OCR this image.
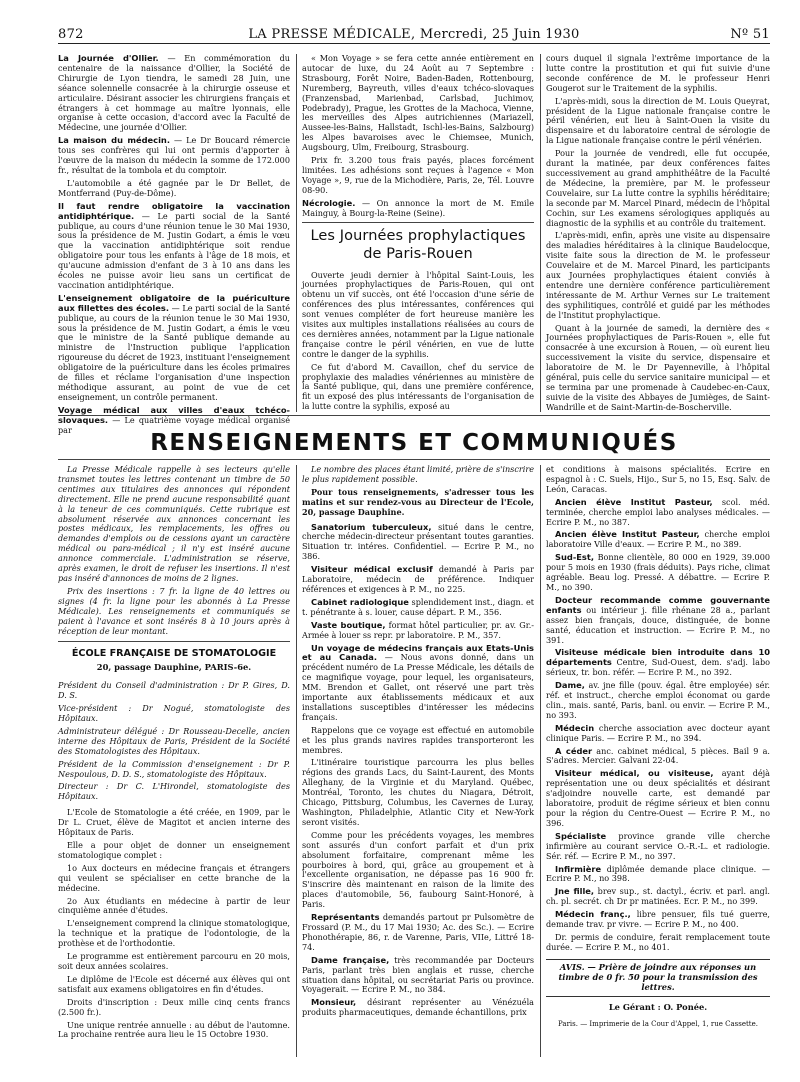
872	LA PRESSE MÉDICALE, Mercredi, 25 Juin 1930	Nº 51

La Journée d'Ollier. — En commémoration du centenaire de la naissance d'Ollier, la Société de Chirurgie de Lyon tiendra, le samedi 28 Juin, une séance solennelle consacrée à la chirurgie osseuse et articulaire. Désirant associer les chirurgiens français et étrangers à cet hommage au maître lyonnais, elle organise à cette occasion, d'accord avec la Faculté de Médecine, une journée d'Ollier.

La maison du médecin. — Le Dr Boucard rémercie tous ses confrères qui lui ont permis d'apporter à l'œuvre de la maison du médecin la somme de 172.000 fr., résultat de la tombola et du comptoir.

L'automobile a été gagnée par le Dr Bellet, de Montferrand (Puy-de-Dôme).

Il faut rendre obligatoire la vaccination antidiphtérique. — Le parti social de la Santé publique, au cours d'une réunion tenue le 30 Mai 1930, sous la présidence de M. Justin Godart, a émis le vœu que la vaccination antidiphtérique soit rendue obligatoire pour tous les enfants à l'âge de 18 mois, et qu'aucune admission d'enfant de 3 à 10 ans dans les écoles ne puisse avoir lieu sans un certificat de vaccination antidiphtérique.

L'enseignement obligatoire de la puériculture aux fillettes des écoles. — Le parti social de la Santé publique, au cours de la réunion tenue le 30 Mai 1930, sous la présidence de M. Justin Godart, a émis le vœu que le ministre de la Santé publique demande au ministre de l'Instruction publique l'application rigoureuse du décret de 1923, instituant l'enseignement obligatoire de la puériculture dans les écoles primaires de filles et réclame l'organisation d'une inspection méthodique assurant, au point de vue de cet enseignement, un contrôle permanent.

Voyage médical aux villes d'eaux tchéco-slovaques. — Le quatrième voyage médical organisé par

« Mon Voyage » se fera cette année entièrement en autocar de luxe, du 24 Août au 7 Septembre : Strasbourg, Forêt Noire, Baden-Baden, Rottenbourg, Nuremberg, Bayreuth, villes d'eaux tchéco-slovaques (Franzensbad, Marienbad, Carlsbad, Juchimov, Podebrady), Prague, les Grottes de la Machoca, Vienne, les merveilles des Alpes autrichiennes (Mariazell, Aussee-les-Bains, Hallstadt, Ischl-les-Bains, Salzbourg) les Alpes bavaroises avec le Chiemsee, Munich, Augsbourg, Ulm, Freibourg, Strasbourg.

Prix fr. 3.200 tous frais payés, places forcément limitées. Les adhésions sont reçues à l'agence « Mon Voyage », 9, rue de la Michodière, Paris, 2e, Tél. Louvre 08-90.

Nécrologie. — On annonce la mort de M. Emile Mainguy, à Bourg-la-Reine (Seine).

Les Journées prophylactiques de Paris-Rouen

Ouverte jeudi dernier à l'hôpital Saint-Louis, les journées prophylactiques de Paris-Rouen, qui ont obtenu un vif succès, ont été l'occasion d'une série de conférences des plus intéressantes, conférences qui sont venues compléter de fort heureuse manière les visites aux multiples installations réalisées au cours de ces dernières années, notamment par la Ligue nationale française contre le péril vénérien, en vue de lutte contre le danger de la syphilis.

Ce fut d'abord M. Cavaillon, chef du service de prophylaxie des maladies vénériennes au ministère de la Santé publique, qui, dans une première conférence, fit un exposé des plus intéressants de l'organisation de la lutte contre la syphilis, exposé au

cours duquel il signala l'extrême importance de la lutte contre la prostitution et qui fut suivie d'une seconde conférence de M. le professeur Henri Gougerot sur le Traitement de la syphilis.

L'après-midi, sous la direction de M. Louis Queyrat, président de la Ligue nationale française contre le péril vénérien, eut lieu à Saint-Ouen la visite du dispensaire et du laboratoire central de sérologie de la Ligue nationale française contre le péril vénérien.

Pour la journée de vendredi, elle fut occupée, durant la matinée, par deux conférences faites successivement au grand amphithéâtre de la Faculté de Médecine, la première, par M. le professeur Couvelaire, sur La lutte contre la syphilis héréditaire; la seconde par M. Marcel Pinard, médecin de l'hôpital Cochin, sur Les examens sérologiques appliqués au diagnostic de la syphilis et au contrôle du traitement.

L'après-midi, enfin, après une visite au dispensaire des maladies héréditaires à la clinique Baudelocque, visite faite sous la direction de M. le professeur Couvelaire et de M. Marcel Pinard, les participants aux Journées prophylactiques étaient conviés à entendre une dernière conférence particulièrement intéressante de M. Arthur Vernes sur Le traitement des syphilitiques, contrôlé et guidé par les méthodes de l'Institut prophylactique.

Quant à la journée de samedi, la dernière des « Journées prophylactiques de Paris-Rouen », elle fut consacrée à une excursion à Rouen, — où eurent lieu successivement la visite du service, dispensaire et laboratoire de M. le Dr Payenneville, à l'hôpital général, puis celle du service sanitaire municipal — et se termina par une promenade à Caudebec-en-Caux, suivie de la visite des Abbayes de Jumièges, de Saint-Wandrille et de Saint-Martin-de-Boscherville.

RENSEIGNEMENTS ET COMMUNIQUÉS

La Presse Médicale rappelle à ses lecteurs qu'elle transmet toutes les lettres contenant un timbre de 50 centimes aux titulaires des annonces qui répondent directement. Elle ne prend aucune responsabilité quant à la teneur de ces communiqués. Cette rubrique est absolument réservée aux annonces concernant les postes médicaux, les remplacements, les offres ou demandes d'emplois ou de cessions ayant un caractère médical ou para-médical ; il n'y est inséré aucune annonce commerciale. L'administration se réserve, après examen, le droit de refuser les insertions. Il n'est pas inséré d'annonces de moins de 2 lignes.

Prix des insertions : 7 fr. la ligne de 40 lettres ou signes (4 fr. la ligne pour les abonnés à La Presse Médicale). Les renseignements et communiqués se paient à l'avance et sont insérés 8 à 10 jours après à réception de leur montant.

ÉCOLE FRANÇAISE DE STOMATOLOGIE
20, passage Dauphine, PARIS-6e.

Président du Conseil d'administration : Dr P. Gires, D. D. S.

Vice-président : Dr Nogué, stomatologiste des Hôpitaux.

Administrateur délégué : Dr Rousseau-Decelle, ancien interne des Hôpitaux de Paris, Président de la Société des Stomatologistes des Hôpitaux.

Président de la Commission d'enseignement : Dr P. Nespoulous, D. D. S., stomatologiste des Hôpitaux.

Directeur : Dr C. L'Hirondel, stomatologiste des Hôpitaux.

L'Ecole de Stomatologie a été créée, en 1909, par le Dr L. Cruet, élève de Magitot et ancien interne des Hôpitaux de Paris.

Elle a pour objet de donner un enseignement stomatologique complet :

1o Aux docteurs en médecine français et étrangers qui veulent se spécialiser en cette branche de la médecine.

2o Aux étudiants en médecine à partir de leur cinquième année d'études.

L'enseignement comprend la clinique stomatologique, la technique et la pratique de l'odontologie, de la prothèse et de l'orthodontie.

Le programme est entièrement parcouru en 20 mois, soit deux années scolaires.

Le diplôme de l'Ecole est décerné aux élèves qui ont satisfait aux examens obligatoires en fin d'études.

Droits d'inscription : Deux mille cinq cents francs (2.500 fr.).

Une unique rentrée annuelle : au début de l'automne. La prochaine rentrée aura lieu le 15 Octobre 1930.

Le nombre des places étant limité, prière de s'inscrire le plus rapidement possible.

Pour tous renseignements, s'adresser tous les matins et sur rendez-vous au Directeur de l'Ecole, 20, passage Dauphine.

Sanatorium tuberculeux, situé dans le centre, cherche médecin-directeur présentant toutes garanties. Situation tr. intéres. Confidentiel. — Ecrire P. M., no 386.

Visiteur médical exclusif demandé à Paris par Laboratoire, médecin de préférence. Indiquer références et exigences à P. M., no 225.

Cabinet radiologique splendidement inst., diagn. et t. pénétrante à s. louer, cause départ. P. M., 356.

Vaste boutique, format hôtel particulier, pr. av. Gr.-Armée à louer ss repr. pr laboratoire. P. M., 357.

Un voyage de médecins français aux Etats-Unis et au Canada. — Nous avons donné, dans un précédent numéro de La Presse Médicale, les détails de ce magnifique voyage, pour lequel, les organisateurs, MM. Brendon et Gallet, ont réservé une part très importante aux établissements médicaux et aux installations susceptibles d'intéresser les médecins français.

Rappelons que ce voyage est effectué en automobile et les plus grands navires rapides transporteront les membres.

L'itinéraire touristique parcourra les plus belles régions des grands Lacs, du Saint-Laurent, des Monts Alleghany, de la Virginie et du Maryland. Québec, Montréal, Toronto, les chutes du Niagara, Détroit, Chicago, Pittsburg, Columbus, les Cavernes de Luray, Washington, Philadelphie, Atlantic City et New-York seront visités.

Comme pour les précédents voyages, les membres sont assurés d'un confort parfait et d'un prix absolument forfaitaire, comprenant même les pourboires à bord, qui, grâce au groupement et à l'excellente organisation, ne dépasse pas 16 900 fr. S'inscrire dès maintenant en raison de la limite des places d'automobile, 56, faubourg Saint-Honoré, à Paris.

Représentants demandés partout pr Pulsomètre de Frossard (P. M., du 17 Mai 1930; Ac. des Sc.). — Ecrire Phonothérapie, 86, r. de Varenne, Paris, VIIe, Littré 18-74.

Dame française, très recommandée par Docteurs Paris, parlant très bien anglais et russe, cherche situation dans hôpital, ou secrétariat Paris ou province. Voyagerait. — Ecrire P. M., no 384.

Monsieur, désirant représenter au Vénézuéla produits pharmaceutiques, demande échantillons, prix

et conditions à maisons spécialités. Ecrire en espagnol à : C. Suels, Hijo., Sur 5, no 15, Esq. Salv. de León, Caracas.

Ancien élève Institut Pasteur, scol. méd. terminée, cherche emploi labo analyses médicales. — Ecrire P. M., no 387.

Ancien élève Institut Pasteur, cherche emploi laboratoire Ville d'eaux. — Ecrire P. M., no 389.

Sud-Est, Bonne clientèle, 80 000 en 1929, 39.000 pour 5 mois en 1930 (frais déduits). Pays riche, climat agréable. Beau log. Pressé. A débattre. — Ecrire P. M., no 390.

Docteur recommande comme gouvernante enfants ou intérieur j. fille rhénane 28 a., parlant assez bien français, douce, distinguée, de bonne santé, éducation et instruction. — Ecrire P. M., no 391.

Visiteuse médicale bien introduite dans 10 départements Centre, Sud-Ouest, dem. s'adj. labo sérieux, tr. bon. référ. — Ecrire P. M., no 392.

Dame, av. jne fille (pouv. égal. être employée) sér. réf. et instruct., cherche emploi économat ou garde clin., mais. santé, Paris, banl. ou envir. — Ecrire P. M., no 393.

Médecin cherche association avec docteur ayant clinique Paris. — Ecrire P. M., no 394.

A céder anc. cabinet médical, 5 pièces. Bail 9 a. S'adres. Mercier. Galvani 22-04.

Visiteur médical, ou visiteuse, ayant déjà représentation une ou deux spécialités et désirant s'adjoindre nouvelle carte, est demandé par laboratoire, produit de régime sérieux et bien connu pour la région du Centre-Ouest — Ecrire P. M., no 396.

Spécialiste province grande ville cherche infirmière au courant service O.-R.-L. et radiologie. Sér. réf. — Ecrire P. M., no 397.

Infirmière diplômée demande place clinique. — Ecrire P. M., no 398.

Jne fille, brev sup., st. dactyl., écriv. et parl. angl. ch. pl. secrét. ch Dr pr matinées. Ecr. P. M., no 399.

Médecin franç., libre pensuer, fils tué guerre, demande trav. pr vivre. — Ecrire P. M., no 400.

Dr. permis de conduire, ferait remplacement toute durée. — Ecrire P. M., no 401.

AVIS. — Prière de joindre aux réponses un timbre de 0 fr. 50 pour la transmission des lettres.
Le Gérant : O. Ponée.
Paris. — Imprimerie de la Cour d'Appel, 1, rue Cassette.
